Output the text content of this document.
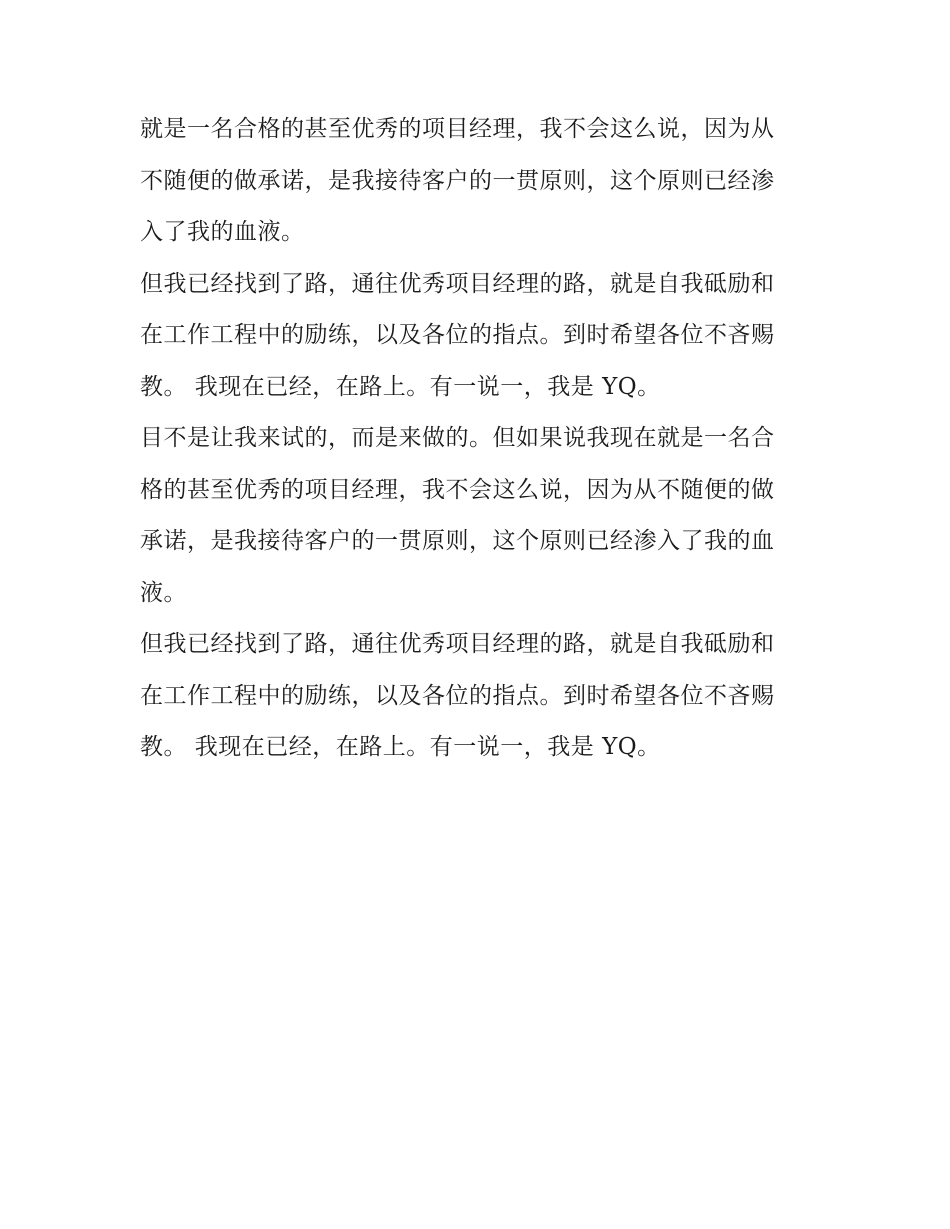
就是一名合格的甚至优秀的项目经理，我不会这么说，因为从
不随便的做承诺，是我接待客户的一贯原则，这个原则已经渗
入了我的血液。
但我已经找到了路，通往优秀项目经理的路，就是自我砥励和
在工作工程中的励练，以及各位的指点。到时希望各位不吝赐
教。 我现在已经，在路上。有一说一，我是 YQ。
目不是让我来试的，而是来做的。但如果说我现在就是一名合
格的甚至优秀的项目经理，我不会这么说，因为从不随便的做
承诺，是我接待客户的一贯原则，这个原则已经渗入了我的血
液。
但我已经找到了路，通往优秀项目经理的路，就是自我砥励和
在工作工程中的励练，以及各位的指点。到时希望各位不吝赐
教。 我现在已经，在路上。有一说一，我是 YQ。
